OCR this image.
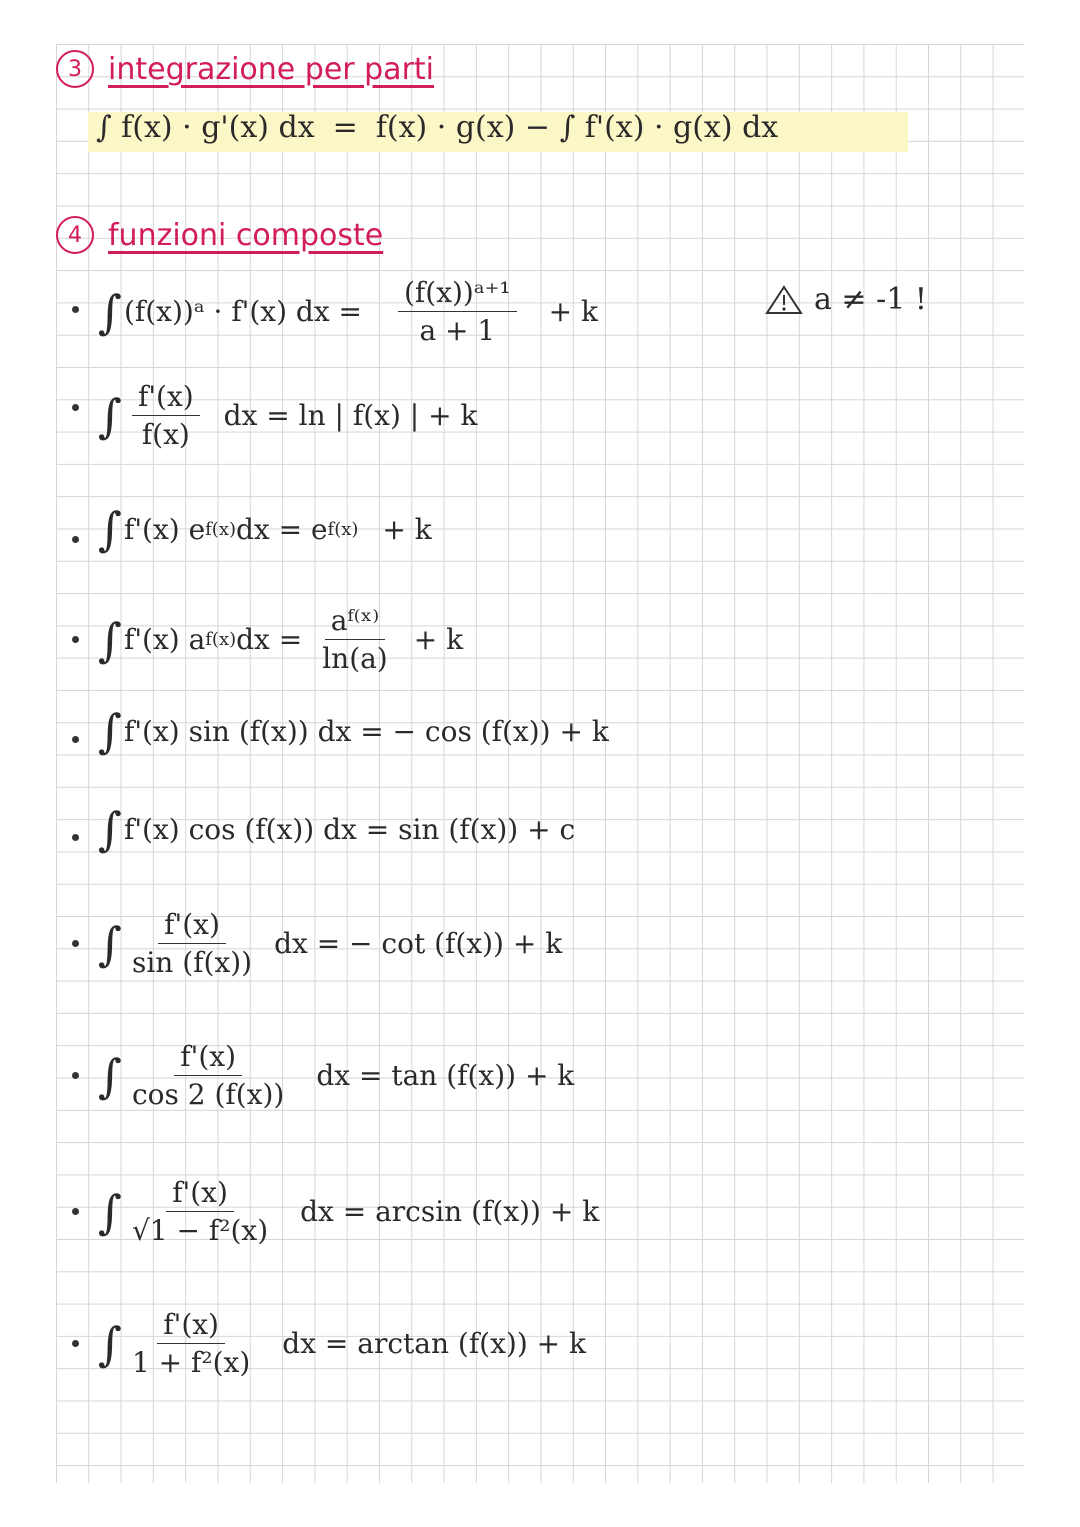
3 integrazione per parti
∫ f(x) · g'(x) dx = f(x) · g(x) − ∫ f'(x) · g(x) dx
4 funzioni composte
∫ (f(x))ᵃ · f'(x) dx = $\frac{\text{(f(x))ᵃ⁺¹}}{a + 1} + k$	a ≠ -1 !
∫ $\frac{f'(x)}{f(x)}$ dx = ln | f(x) | + k
∫ f'(x) e f(x) dx = e f(x) + k
∫ f'(x) a f(x) dx = $\frac{\text{aᶠ⁽ˣ⁾}}{\ln(a)} + k$
∫ f'(x) sin (f(x)) dx = − cos (f(x)) + k
∫ f'(x) cos (f(x)) dx = sin (f(x)) + c
∫ $\frac{f'(x)}{\sin (f(x))}$ dx = − cot (f(x)) + k
∫ $\frac{f'(x)}{\cos 2 (f(x))}$ dx = tan (f(x)) + k
∫ $\frac{f'(x)}{\text{√1 − f²(x)}}$ dx = arcsin (f(x)) + k
∫ $\frac{f'(x)}{\text{1 + f²(x)}}$ dx = arctan (f(x)) + k
